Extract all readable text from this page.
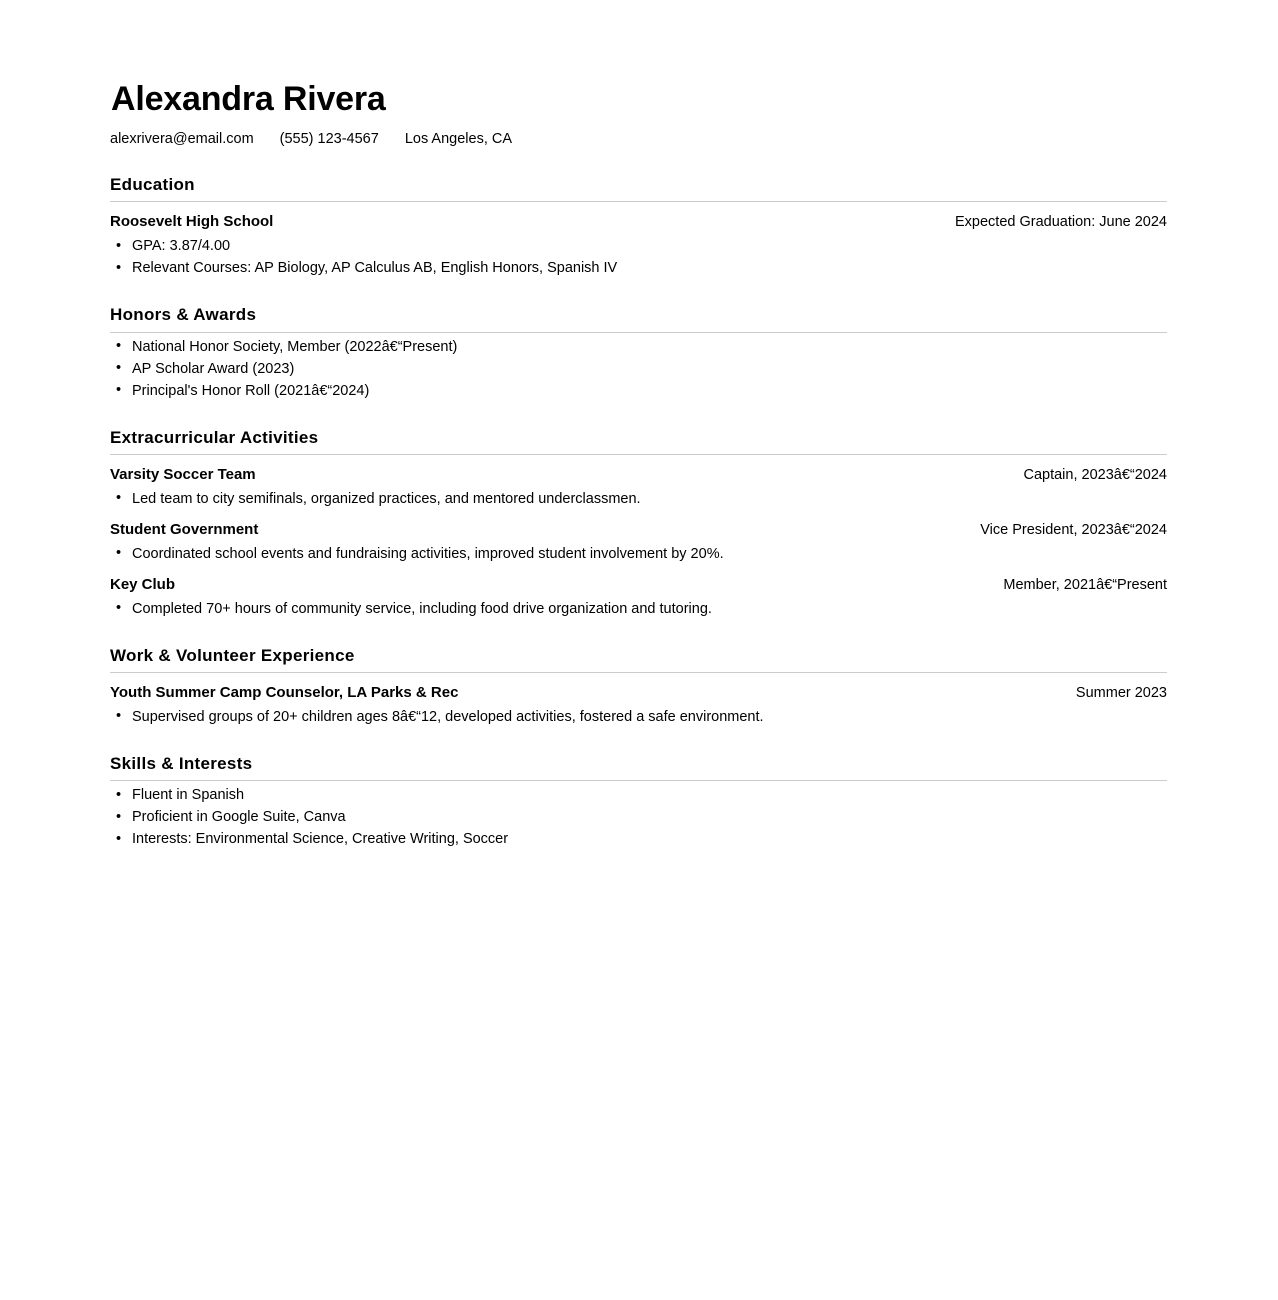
Alexandra Rivera
alexrivera@email.com (555) 123-4567 Los Angeles, CA
Education
Roosevelt High School	Expected Graduation: June 2024
• GPA: 3.87/4.00
• Relevant Courses: AP Biology, AP Calculus AB, English Honors, Spanish IV
Honors & Awards
• National Honor Society, Member (2022â€“Present)
• AP Scholar Award (2023)
• Principal's Honor Roll (2021â€“2024)
Extracurricular Activities
Varsity Soccer Team	Captain, 2023â€“2024
• Led team to city semifinals, organized practices, and mentored underclassmen.
Student Government	Vice President, 2023â€“2024
• Coordinated school events and fundraising activities, improved student involvement by 20%.
Key Club	Member, 2021â€“Present
• Completed 70+ hours of community service, including food drive organization and tutoring.
Work & Volunteer Experience
Youth Summer Camp Counselor, LA Parks & Rec	Summer 2023
• Supervised groups of 20+ children ages 8â€“12, developed activities, fostered a safe environment.
Skills & Interests
• Fluent in Spanish
• Proficient in Google Suite, Canva
• Interests: Environmental Science, Creative Writing, Soccer
